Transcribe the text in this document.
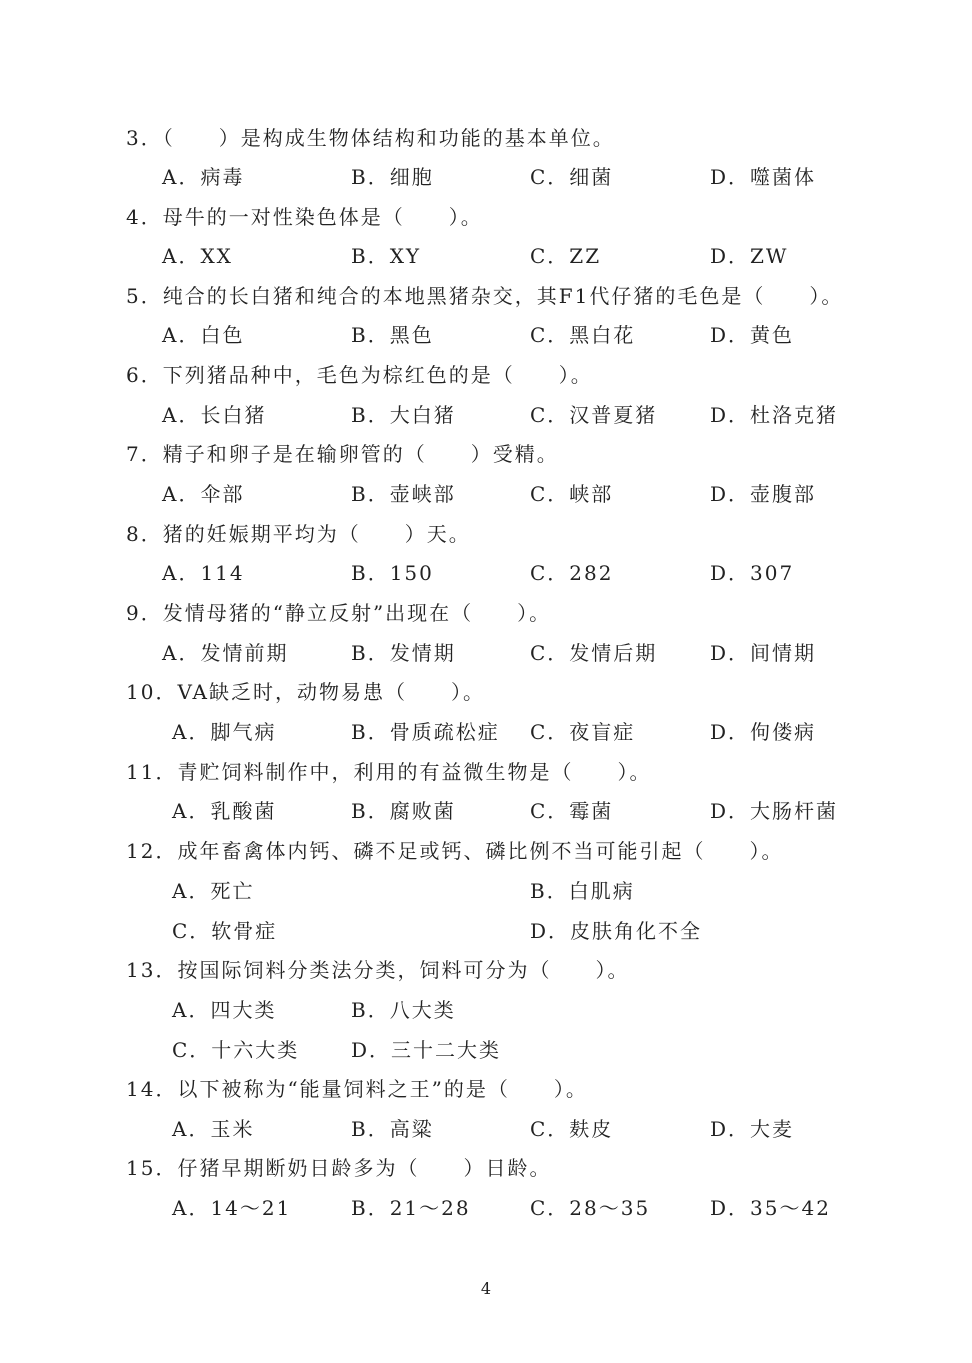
3．（　　）是构成生物体结构和功能的基本单位。
A．病毒	B．细胞	C．细菌	D．噬菌体
4．母牛的一对性染色体是（　　）。
A．XX	B．XY	C．ZZ	D．ZW
5．纯合的长白猪和纯合的本地黑猪杂交，其F1代仔猪的毛色是（　　）。
A．白色	B．黑色	C．黑白花	D．黄色
6．下列猪品种中，毛色为棕红色的是（　　）。
A．长白猪	B．大白猪	C．汉普夏猪	D．杜洛克猪
7．精子和卵子是在输卵管的（　　）受精。
A．伞部	B．壶峡部	C．峡部	D．壶腹部
8．猪的妊娠期平均为（　　）天。
A．114	B．150	C．282	D．307
9．发情母猪的“静立反射”出现在（　　）。
A．发情前期	B．发情期	C．发情后期	D．间情期
10．VA缺乏时，动物易患（　　）。
A．脚气病	B．骨质疏松症 C．夜盲症	D．佝偻病
11．青贮饲料制作中，利用的有益微生物是（　　）。
A．乳酸菌	B．腐败菌	C．霉菌	D．大肠杆菌
12．成年畜禽体内钙、磷不足或钙、磷比例不当可能引起（　　）。
A．死亡	B．白肌病
C．软骨症	D．皮肤角化不全
13．按国际饲料分类法分类，饲料可分为（　　）。
A．四大类	B．八大类
C．十六大类	D．三十二大类
14．以下被称为“能量饲料之王”的是（　　）。
A．玉米	B．高粱	C．麸皮	D．大麦
15．仔猪早期断奶日龄多为（　　）日龄。
A．14～21	B．21～28	C．28～35	D．35～42
4
